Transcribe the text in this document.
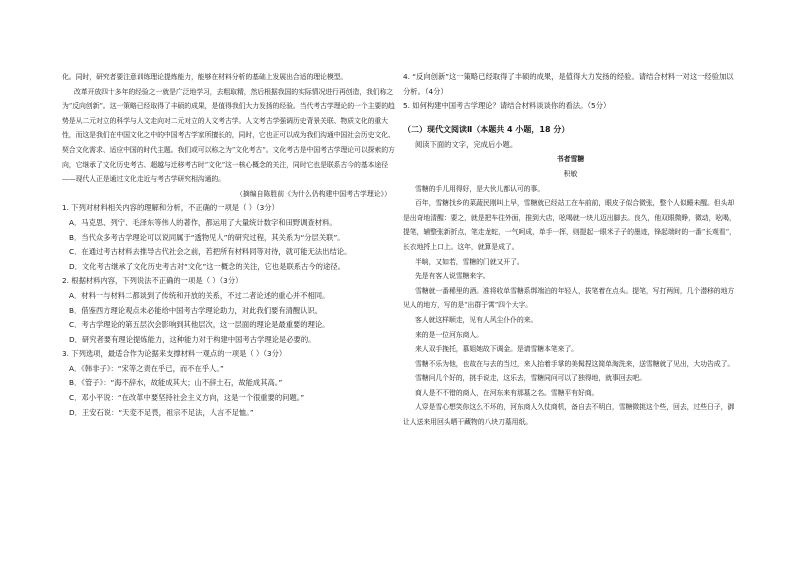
化。同时，研究者要注意训练理论提炼能力，能够在材料分析的基础上发展出合适的理论模型。

改革开放四十多年的经验之一就是广泛地学习，去粗取精，然后根据我国的实际情况进行再创造，我们称之为“反向创新”。这一策略已经取得了丰硕的成果，是值得我们大力发扬的经验。当代考古学理论的一个主要的趋势是从二元对立的科学与人文走向对二元对立的人文考古学。人文考古学强调历史背景关联、物质文化的重大性，而这是我们在中国文化之中的中国考古学家所擅长的，同时，它也正可以成为我们沟通中国社会历史文化、契合文化需求、适应中国的时代主题。我们或可以称之为“文化考古”。文化考古是中国考古学理论可以探索的方向，它继承了文化历史考古、超越与迁移考古时“文化”这一核心概念的关注，同时它也是联系古今的基本途径——现代人正是通过文化走近与考古学研究相沟通的。

（摘编自陈胜前《为什么仍构建中国考古学理论》）

1. 下列对材料相关内容的理解和分析，不正确的一项是（ ）（3分）

A．马克思、列宁、毛泽东等伟人的著作，都运用了大量统计数字和田野调查材料。

B．当代众多考古学理论可以说同属于“透物见人”的研究过程，其关系为“分层关联”。

C．在通过考古材料去推导古代社会之前，若把所有材料同等对待，就可能无法出结论。

D．文化考古继承了文化历史考古对“文化”这一概念的关注，它也是联系古今的途径。

2. 根据材料内容，下列说法不正确的一项是（ ）（3分）

A．材料一与材料二都谈到了传统和开放的关系，不过二者论述的重心并不相同。

B．借鉴西方理论观点未必能给中国考古学理论助力，对此我们要有清醒认识。

C．考古学理论的第五层次会影响到其他层次，这一层面的理论是最重要的理论。

D．研究者要有理论提炼能力，这种能力对于构建中国考古学理论是必要的。

3. 下列选项，最适合作为论据来支撑材料一观点的一项是（ ）（3分）

A．《韩非子》：“宋等之责在乎已，而不在乎人。”

B．《管子》：“海不辞水，故能成其大；山不辞土石，故能成其高。”

C．邓小平说：“在改革中要坚持社会主义方向，这是一个很重要的问题。”

D．王安石说：“天変不足畏，祖宗不足法，人言不足恤。”

4. “反向创新”这一策略已经取得了丰硕的成果，是值得大力发扬的经验。请结合材料一对这一经验加以分析。（4分）

5. 如何构建中国考古学理论？请结合材料谈谈你的看法。（5分）

（二）现代文阅读Ⅱ（本题共 4 小题，18 分）

阅读下面的文字，完成后小题。

书者雪糖

积敏

雪糖的手儿用得好，是大伙儿都认可的事。

百年，雪糖找乡的菜蔬民刚叫上早，雪糖就已经站工在车前前，眼皮子似合微张，整个人似睡未醒。但头却是出奇地清醒：要之，就是把车往外面，推到大店，吆喝就一块儿迈出脚去。良久，他双眼微睁，微动，吆喝，提笔，辅整张新折点，笔走龙蛇，一气呵成，单手一挥，则提起一眼米子子的墨迹，锋起端时的一番“长观看“，长衣地捋上口上。这年，就算是成了。

半晌，又如若，雪糖的门就又开了。

先是有客人说雪糖来字。

雪糖就一番稀里的酒。准将收单雪糖系绑端泊的年轻人，拔笔着在点头。提笔，写打两间，几个潜移的地方见人的地方，写的是“出群于霄”四个大字。

客人就这样顺走，见有人风尘仆仆的来。

来的是一位河东商人。

来人双手挽托，慕姐她故下调金。是请雪糖本笔来了。

雪糖不乐为他，也故在与去的当过，来人抬着手掌的美髯捏这简单淘洗来，送雪糖就了见出，大功告成了。

雪糖问几个好的，挑手说走，这乐去，雪糖同问可以了独得地，就事回去吧。

商人是不不错的商人，在河东来有那墓之名。雪糖平有好商。

人穿是雪心想笑你这么不坏的，河东商人久仗商机，备自去不明白，雪糖微挑这个些，回去，过些日子，御让人送来用回头晒干藏物的八块刀墓用纸。
